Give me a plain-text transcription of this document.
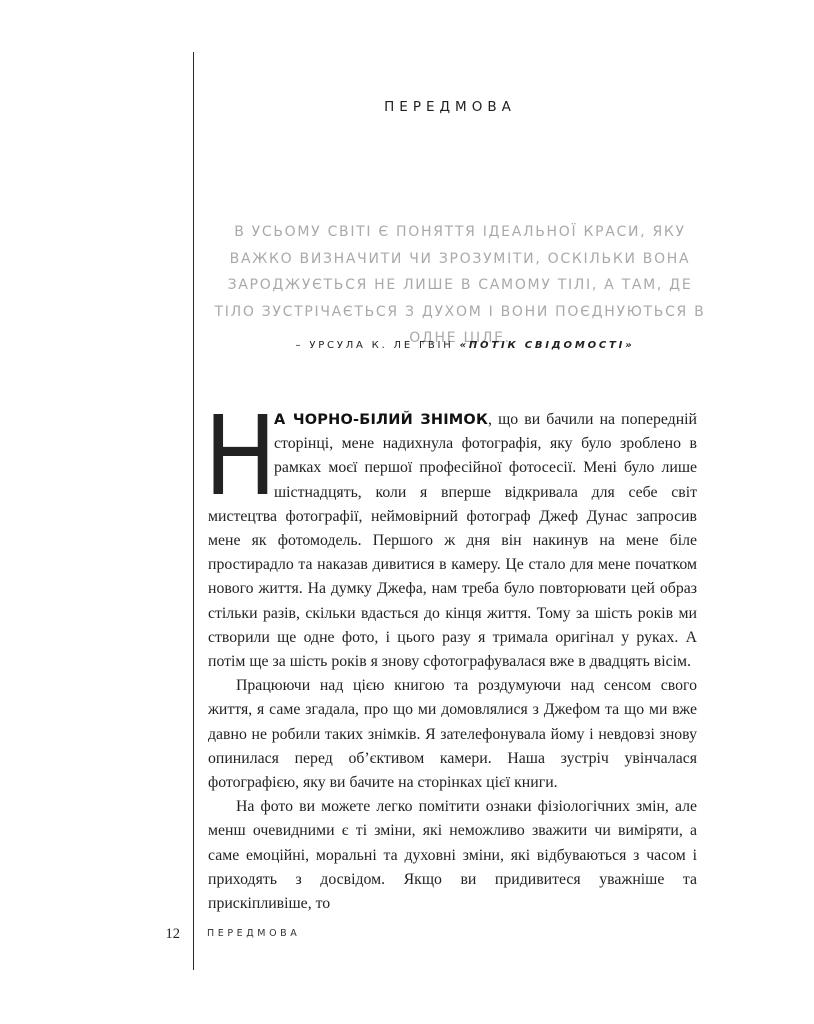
ПЕРЕДМОВА
В УСЬОМУ СВІТІ Є ПОНЯТТЯ ІДЕАЛЬНОЇ КРАСИ, ЯКУ ВАЖКО ВИЗНАЧИТИ ЧИ ЗРОЗУМІТИ, ОСКІЛЬКИ ВОНА ЗАРОДЖУЄТЬСЯ НЕ ЛИШЕ В САМОМУ ТІЛІ, А ТАМ, ДЕ ТІЛО ЗУСТРІЧАЄТЬСЯ З ДУХОМ І ВОНИ ПОЄДНУЮТЬСЯ В ОДНЕ ЦІЛЕ.
– УРСУЛА К. ЛЕ ГВІН «ПОТІК СВІДОМОСТІ»

Н
А ЧОРНО-БІЛИЙ ЗНІМОК, що ви бачили на попередній сторінці, мене надихнула фотографія, яку було зроблено в рамках моєї першої професійної фотосесії. Мені було лише шістнадцять, коли я вперше відкривала для себе світ мистецтва фотографії, неймовірний фотограф Джеф Дунас запросив мене як фотомодель. Першого ж дня він накинув на мене біле простирадло та наказав дивитися в камеру. Це стало для мене початком нового життя. На думку Джефа, нам треба було повторювати цей образ стільки разів, скільки вдасться до кінця життя. Тому за шість років ми створили ще одне фото, і цього разу я тримала оригінал у руках. А потім ще за шість років я знову сфотографувалася вже в двадцять вісім.

Працюючи над цією книгою та роздумуючи над сенсом свого життя, я саме згадала, про що ми домовлялися з Джефом та що ми вже давно не робили таких знімків. Я зателефонувала йому і невдовзі знову опинилася перед об’єктивом камери. Наша зустріч увінчалася фотографією, яку ви бачите на сторінках цієї книги.

На фото ви можете легко помітити ознаки фізіологічних змін, але менш очевидними є ті зміни, які неможливо зважити чи виміряти, а саме емоційні, моральні та духовні зміни, які відбуваються з часом і приходять з досвідом. Якщо ви придивитеся уважніше та прискіпливіше, то

12	ПЕРЕДМОВА
